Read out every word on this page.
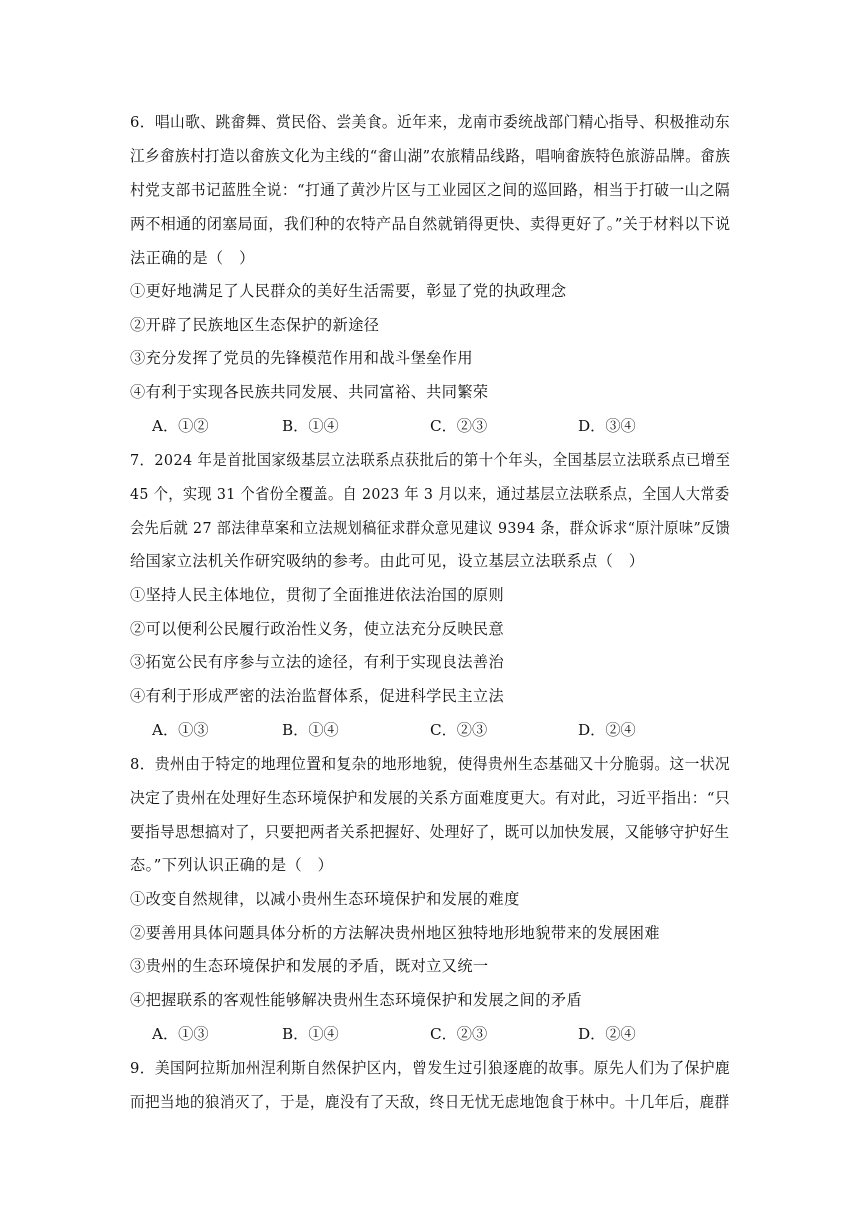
6．唱山歌、跳畲舞、赏民俗、尝美食。近年来，龙南市委统战部门精心指导、积极推动东
江乡畲族村打造以畲族文化为主线的“畲山湖”农旅精品线路，唱响畲族特色旅游品牌。畲族
村党支部书记蓝胜全说：“打通了黄沙片区与工业园区之间的巡回路，相当于打破一山之隔
两不相通的闭塞局面，我们种的农特产品自然就销得更快、卖得更好了。”关于材料以下说
法正确的是（　）
①更好地满足了人民群众的美好生活需要，彰显了党的执政理念
②开辟了民族地区生态保护的新途径
③充分发挥了党员的先锋模范作用和战斗堡垒作用
④有利于实现各民族共同发展、共同富裕、共同繁荣
A．①②	B．①④	C．②③	D．③④
7．2024 年是首批国家级基层立法联系点获批后的第十个年头，全国基层立法联系点已增至
45 个，实现 31 个省份全覆盖。自 2023 年 3 月以来，通过基层立法联系点，全国人大常委
会先后就 27 部法律草案和立法规划稿征求群众意见建议 9394 条，群众诉求“原汁原味”反馈
给国家立法机关作研究吸纳的参考。由此可见，设立基层立法联系点（　）
①坚持人民主体地位，贯彻了全面推进依法治国的原则
②可以便利公民履行政治性义务，使立法充分反映民意
③拓宽公民有序参与立法的途径，有利于实现良法善治
④有利于形成严密的法治监督体系，促进科学民主立法
A．①③	B．①④	C．②③	D．②④
8．贵州由于特定的地理位置和复杂的地形地貌，使得贵州生态基础又十分脆弱。这一状况
决定了贵州在处理好生态环境保护和发展的关系方面难度更大。有对此，习近平指出：“只
要指导思想搞对了，只要把两者关系把握好、处理好了，既可以加快发展，又能够守护好生
态。”下列认识正确的是（　）
①改变自然规律，以减小贵州生态环境保护和发展的难度
②要善用具体问题具体分析的方法解决贵州地区独特地形地貌带来的发展困难
③贵州的生态环境保护和发展的矛盾，既对立又统一
④把握联系的客观性能够解决贵州生态环境保护和发展之间的矛盾
A．①③	B．①④	C．②③	D．②④
9．美国阿拉斯加州涅利斯自然保护区内，曾发生过引狼逐鹿的故事。原先人们为了保护鹿
而把当地的狼消灭了，于是，鹿没有了天敌，终日无忧无虑地饱食于林中。十几年后，鹿群
